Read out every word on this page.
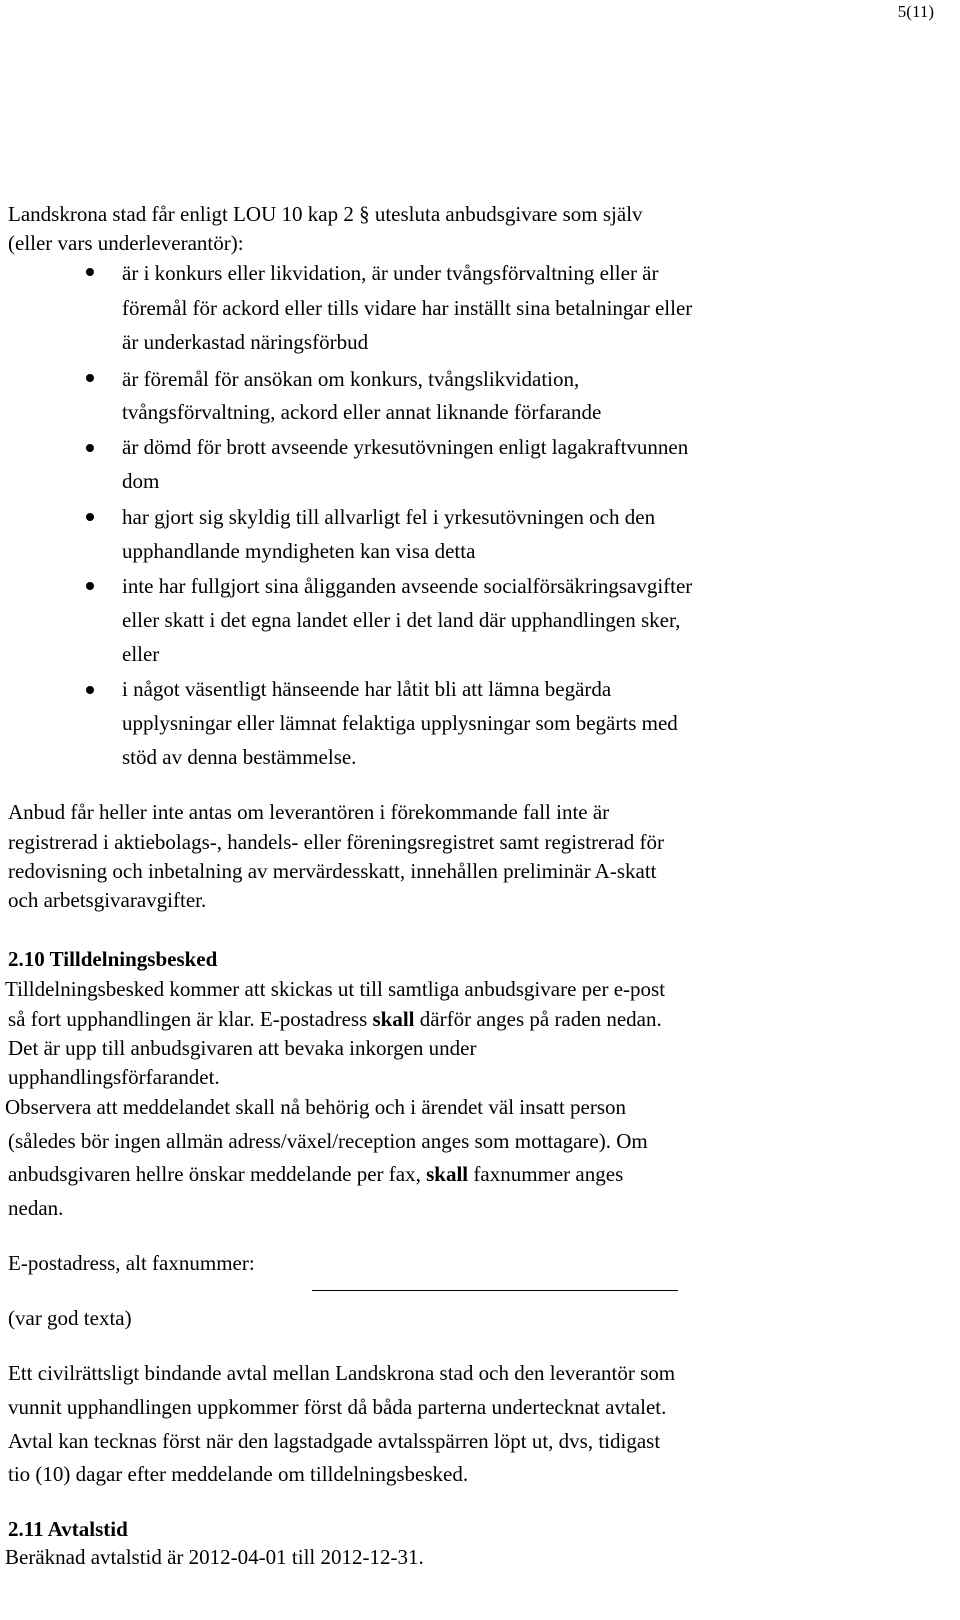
5(11)
Landskrona stad får enligt LOU 10 kap 2 § utesluta anbudsgivare som själv
(eller vars underleverantör):
är i konkurs eller likvidation, är under tvångsförvaltning eller är
föremål för ackord eller tills vidare har inställt sina betalningar eller
är underkastad näringsförbud
är föremål för ansökan om konkurs, tvångslikvidation,
tvångsförvaltning, ackord eller annat liknande förfarande
är dömd för brott avseende yrkesutövningen enligt lagakraftvunnen
dom
har gjort sig skyldig till allvarligt fel i yrkesutövningen och den
upphandlande myndigheten kan visa detta
inte har fullgjort sina åligganden avseende socialförsäkringsavgifter
eller skatt i det egna landet eller i det land där upphandlingen sker,
eller
i något väsentligt hänseende har låtit bli att lämna begärda
upplysningar eller lämnat felaktiga upplysningar som begärts med
stöd av denna bestämmelse.
Anbud får heller inte antas om leverantören i förekommande fall inte är
registrerad i aktiebolags-, handels- eller föreningsregistret samt registrerad för
redovisning och inbetalning av mervärdesskatt, innehållen preliminär A-skatt
och arbetsgivaravgifter.
2.10 Tilldelningsbesked
Tilldelningsbesked kommer att skickas ut till samtliga anbudsgivare per e-post
så fort upphandlingen är klar. E-postadress skall därför anges på raden nedan.
Det är upp till anbudsgivaren att bevaka inkorgen under
upphandlingsförfarandet.
Observera att meddelandet skall nå behörig och i ärendet väl insatt person
(således bör ingen allmän adress/växel/reception anges som mottagare). Om
anbudsgivaren hellre önskar meddelande per fax, skall faxnummer anges
nedan.
E-postadress, alt faxnummer:
(var god texta)
Ett civilrättsligt bindande avtal mellan Landskrona stad och den leverantör som
vunnit upphandlingen uppkommer först då båda parterna undertecknat avtalet.
Avtal kan tecknas först när den lagstadgade avtalsspärren löpt ut, dvs, tidigast
tio (10) dagar efter meddelande om tilldelningsbesked.
2.11 Avtalstid
Beräknad avtalstid är 2012-04-01 till 2012-12-31.
